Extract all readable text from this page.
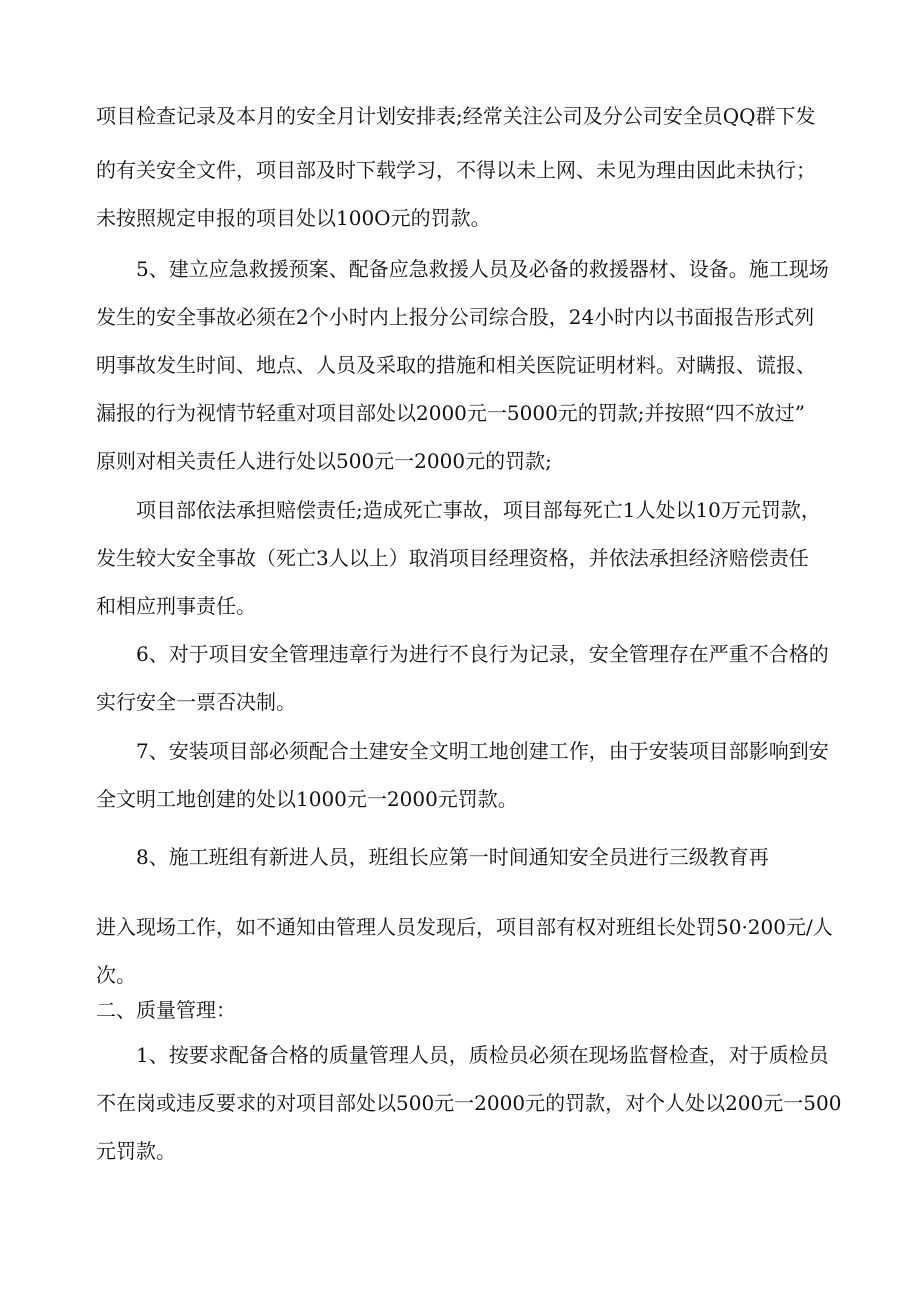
项目检查记录及本月的安全月计划安排表;经常关注公司及分公司安全员QQ群下发
的有关安全文件，项目部及时下载学习，不得以未上网、未见为理由因此未执行；
未按照规定申报的项目处以100O元的罚款。
5、建立应急救援预案、配备应急救援人员及必备的救援器材、设备。施工现场
发生的安全事故必须在2个小时内上报分公司综合股，24小时内以书面报告形式列
明事故发生时间、地点、人员及采取的措施和相关医院证明材料。对瞒报、谎报、
漏报的行为视情节轻重对项目部处以2000元一5000元的罚款;并按照“四不放过”
原则对相关责任人进行处以500元一2000元的罚款;
项目部依法承担赔偿责任;造成死亡事故，项目部每死亡1人处以10万元罚款，
发生较大安全事故（死亡3人以上）取消项目经理资格，并依法承担经济赔偿责任
和相应刑事责任。
6、对于项目安全管理违章行为进行不良行为记录，安全管理存在严重不合格的
实行安全一票否决制。
7、安装项目部必须配合土建安全文明工地创建工作，由于安装项目部影响到安
全文明工地创建的处以1000元一2000元罚款。
8、施工班组有新进人员，班组长应第一时间通知安全员进行三级教育再
进入现场工作，如不通知由管理人员发现后，项目部有权对班组长处罚50·200元/人
次。
二、质量管理：
1、按要求配备合格的质量管理人员，质检员必须在现场监督检查，对于质检员
不在岗或违反要求的对项目部处以500元一2000元的罚款，对个人处以200元一500
元罚款。
